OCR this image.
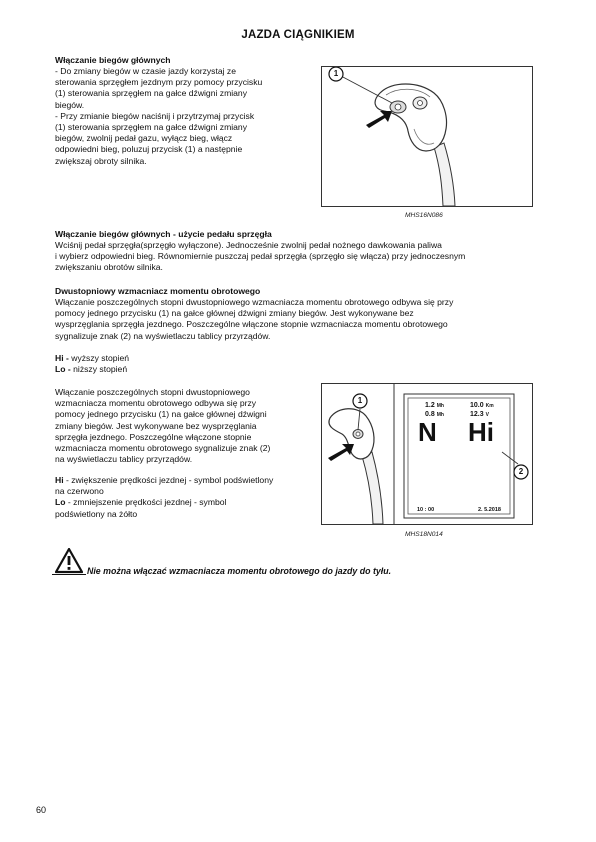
JAZDA CIĄGNIKIEM
Włączanie biegów głównych
- Do zmiany biegów w czasie jazdy korzystaj ze
sterowania sprzęgłem jezdnym przy pomocy przycisku
(1) sterowania sprzęgłem na gałce dźwigni zmiany
biegów.
- Przy zmianie biegów naciśnij i przytrzymaj przycisk
(1) sterowania sprzęgłem na gałce dźwigni zmiany
biegów, zwolnij pedał gazu, wyłącz bieg, włącz
odpowiedni bieg, poluzuj przycisk (1) a następnie
zwiększaj obroty silnika.
1
MHS16N086
Włączanie biegów głównych - użycie pedału sprzęgła
Wciśnij pedał sprzęgła(sprzęgło wyłączone). Jednocześnie zwolnij pedał nożnego dawkowania paliwa
i wybierz odpowiedni bieg. Równomiernie puszczaj pedał sprzęgła (sprzęgło się włącza) przy jednoczesnym
zwiększaniu obrotów silnika.
Dwustopniowy wzmacniacz momentu obrotowego
Włączanie poszczególnych stopni dwustopniowego wzmacniacza momentu obrotowego odbywa się przy
pomocy jednego przycisku (1) na gałce głównej dźwigni zmiany biegów. Jest wykonywane bez
wysprzęglania sprzęgła jezdnego. Poszczególne włączone stopnie wzmacniacza momentu obrotowego
sygnalizuje znak (2) na wyświetlaczu tablicy przyrządów.
Hi - wyższy stopień
Lo - niższy stopień
Włączanie poszczególnych stopni dwustopniowego
wzmacniacza momentu obrotowego odbywa się przy
pomocy jednego przycisku (1) na gałce głównej dźwigni
zmiany biegów. Jest wykonywane bez wysprzęglania
sprzęgła jezdnego. Poszczególne włączone stopnie
wzmacniacza momentu obrotowego sygnalizuje znak (2)
na wyświetlaczu tablicy przyrządów.
Hi - zwiększenie prędkości jezdnej - symbol podświetlony
na czerwono
Lo - zmniejszenie prędkości jezdnej - symbol
podświetlony na żółto
1
2
1.2 Mh
0.8 Mh
10.0 Km
12.3 V
N Hi
10 : 00	2. 5.2018
MHS18N014
Nie można włączać wzmacniacza momentu obrotowego do jazdy do tyłu.
60
